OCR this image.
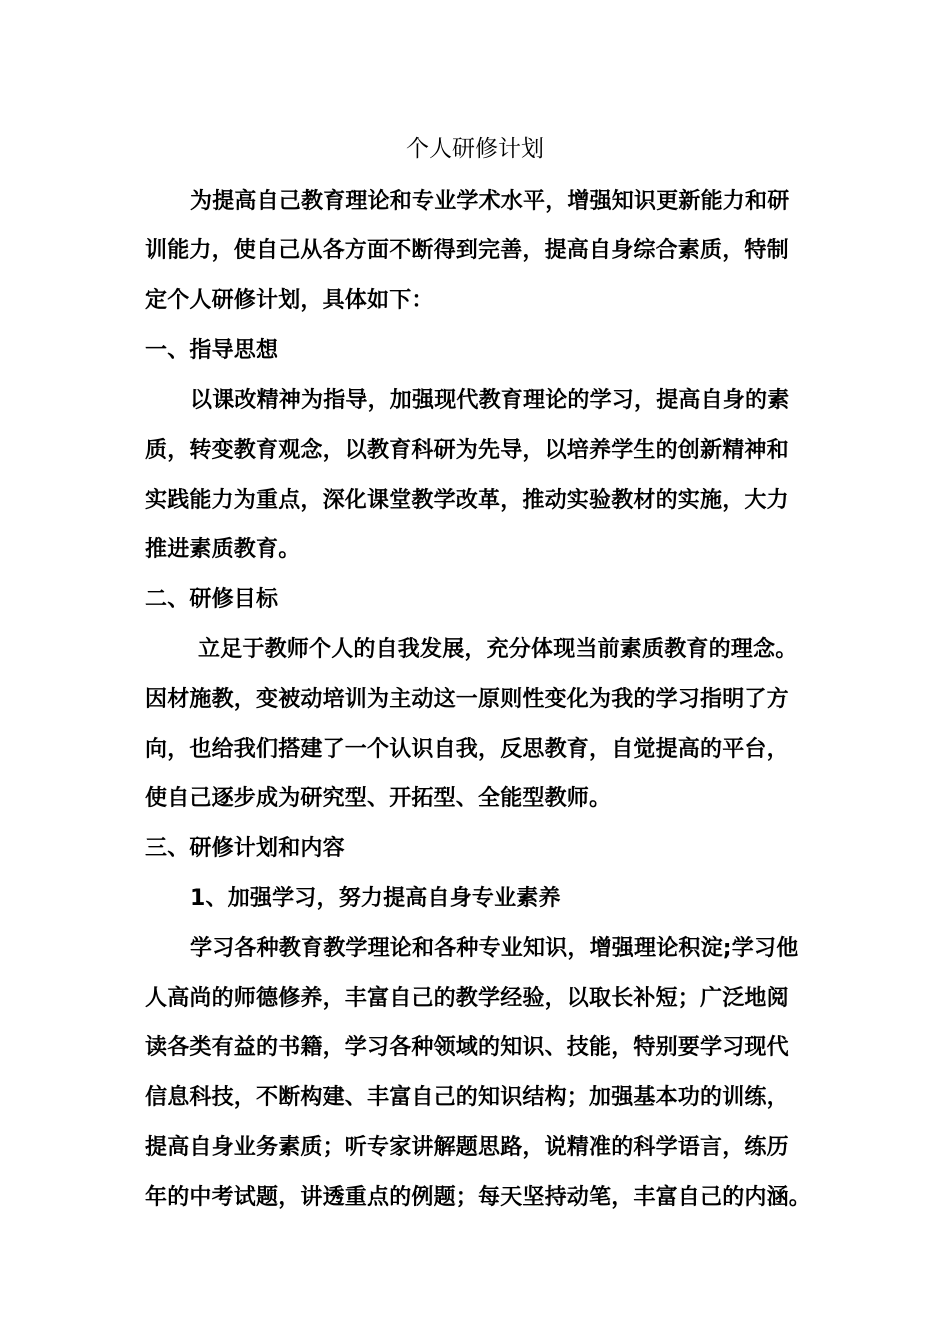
个人研修计划
为提高自己教育理论和专业学术水平，增强知识更新能力和研
训能力，使自己从各方面不断得到完善，提高自身综合素质，特制
定个人研修计划，具体如下：
一、指导思想
以课改精神为指导，加强现代教育理论的学习，提高自身的素
质，转变教育观念，以教育科研为先导，以培养学生的创新精神和
实践能力为重点，深化课堂教学改革，推动实验教材的实施，大力
推进素质教育。
二、研修目标
立足于教师个人的自我发展，充分体现当前素质教育的理念。
因材施教，变被动培训为主动这一原则性变化为我的学习指明了方
向，也给我们搭建了一个认识自我，反思教育，自觉提高的平台，
使自己逐步成为研究型、开拓型、全能型教师。
三、研修计划和内容
1、加强学习，努力提高自身专业素养
学习各种教育教学理论和各种专业知识，增强理论积淀;学习他
人高尚的师德修养，丰富自己的教学经验，以取长补短；广泛地阅
读各类有益的书籍，学习各种领域的知识、技能，特别要学习现代
信息科技，不断构建、丰富自己的知识结构；加强基本功的训练，
提高自身业务素质；听专家讲解题思路，说精准的科学语言，练历
年的中考试题，讲透重点的例题；每天坚持动笔，丰富自己的内涵。
